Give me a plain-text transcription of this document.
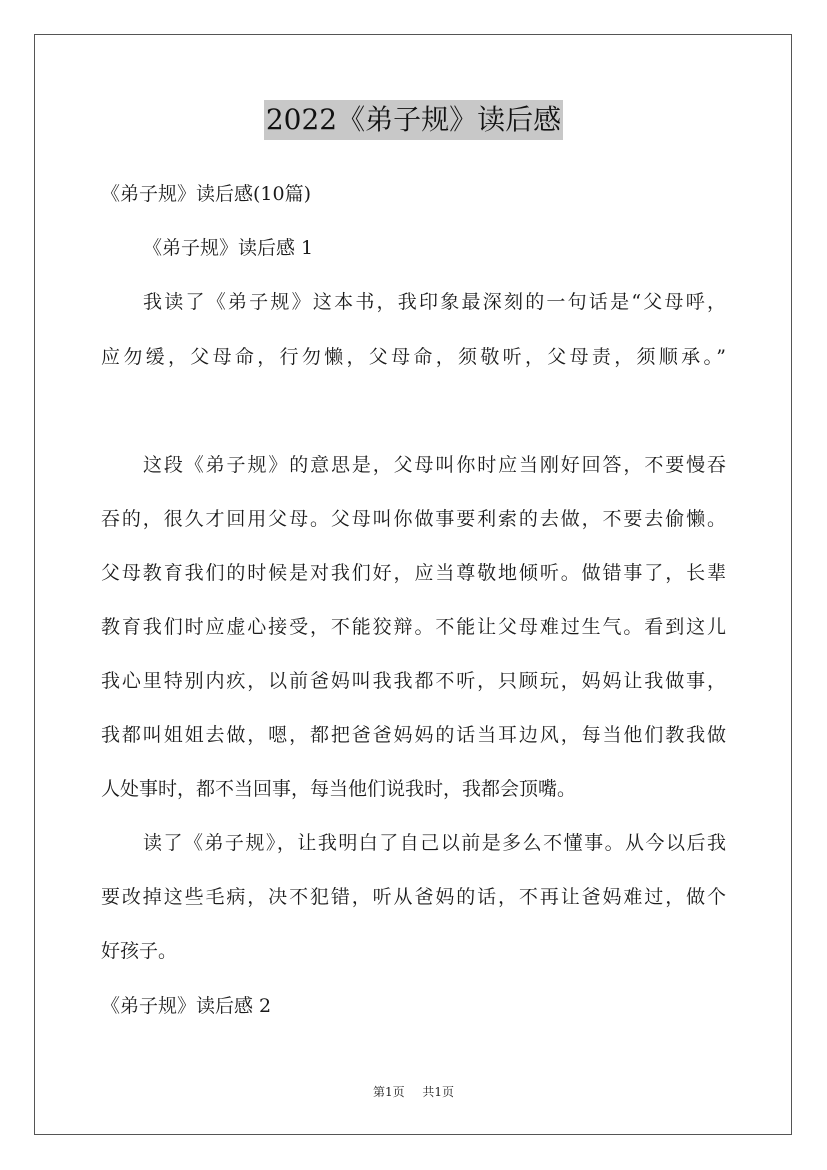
2022《弟子规》读后感
《弟子规》读后感(10篇)
《弟子规》读后感 1
我读了《弟子规》这本书，我印象最深刻的一句话是“父母呼，
应勿缓，父母命，行勿懒，父母命，须敬听，父母责，须顺承。”
这段《弟子规》的意思是，父母叫你时应当刚好回答，不要慢吞
吞的，很久才回用父母。父母叫你做事要利索的去做，不要去偷懒。
父母教育我们的时候是对我们好，应当尊敬地倾听。做错事了，长辈
教育我们时应虚心接受，不能狡辩。不能让父母难过生气。看到这儿
我心里特别内疚，以前爸妈叫我我都不听，只顾玩，妈妈让我做事，
我都叫姐姐去做，嗯，都把爸爸妈妈的话当耳边风，每当他们教我做
人处事时，都不当回事，每当他们说我时，我都会顶嘴。
读了《弟子规》，让我明白了自己以前是多么不懂事。从今以后我
要改掉这些毛病，决不犯错，听从爸妈的话，不再让爸妈难过，做个
好孩子。
《弟子规》读后感 2
第1页 共1页
